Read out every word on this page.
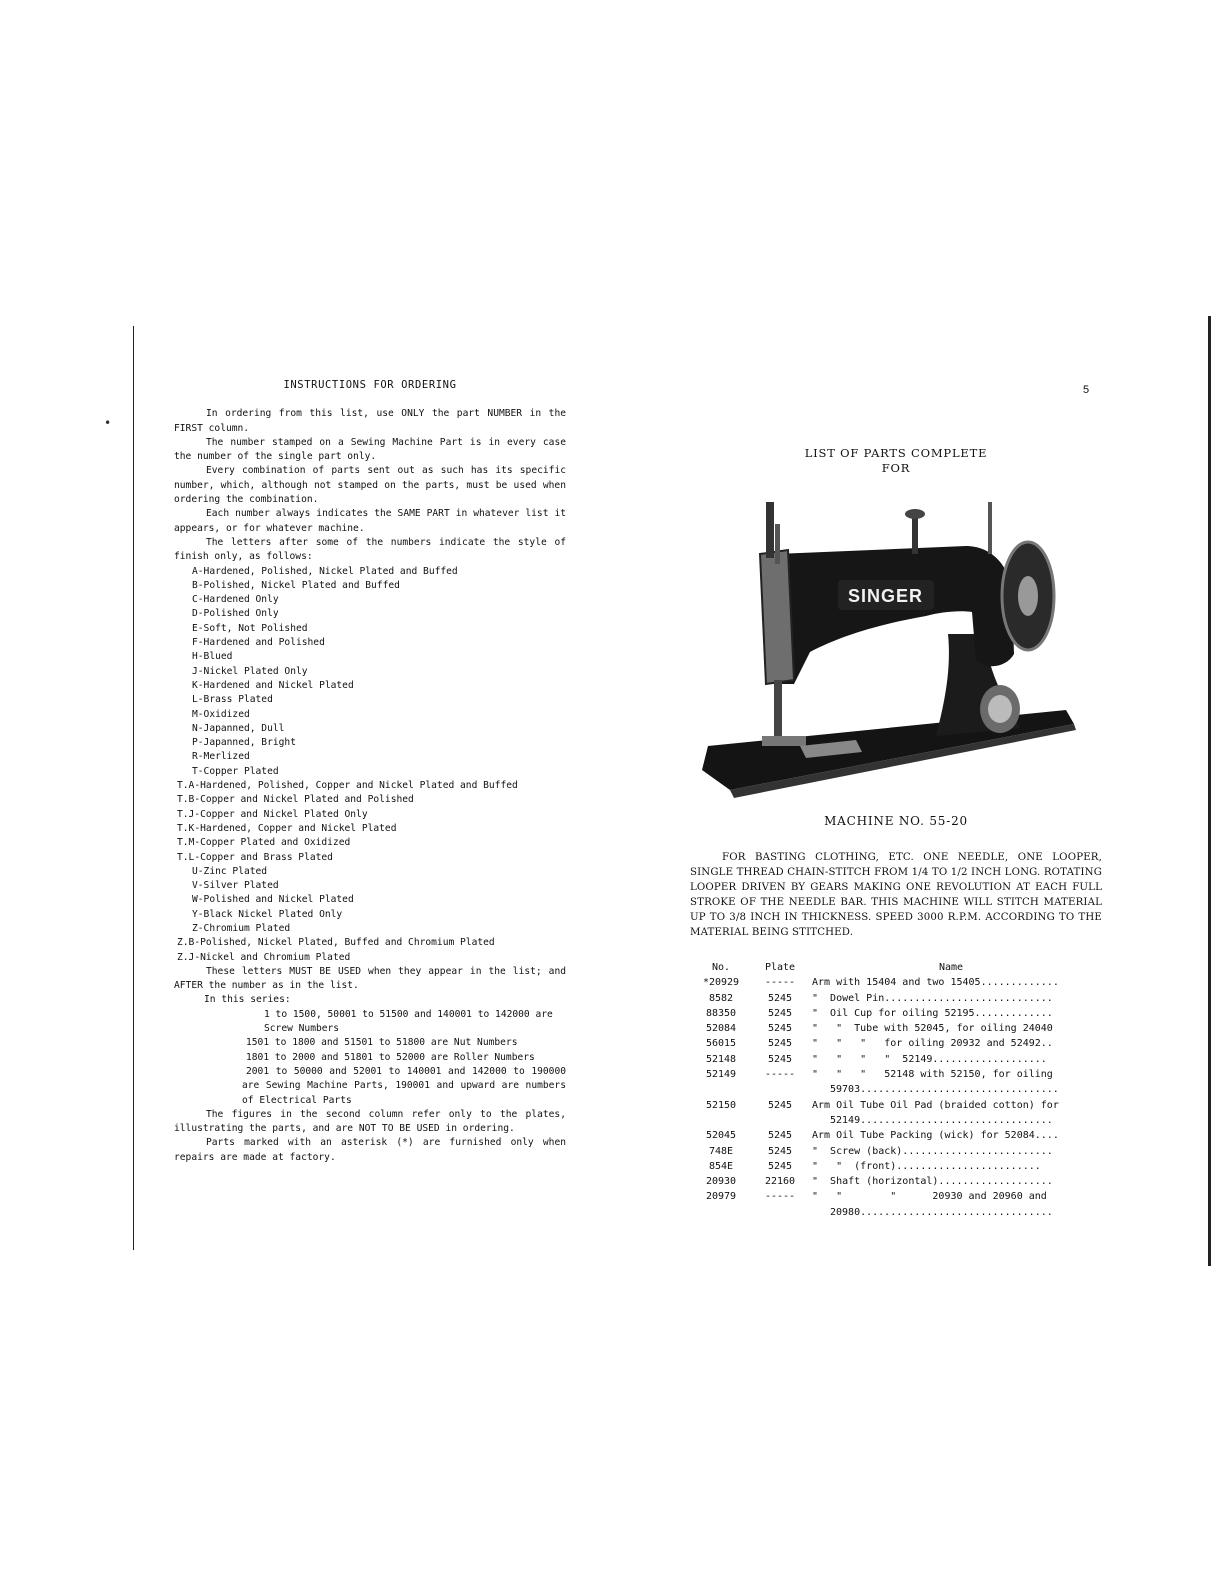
•
INSTRUCTIONS FOR ORDERING

In ordering from this list, use ONLY the part NUMBER in the FIRST column.

The number stamped on a Sewing Machine Part is in every case the number of the single part only.

Every combination of parts sent out as such has its specific number, which, although not stamped on the parts, must be used when ordering the combination.

Each number always indicates the SAME PART in whatever list it appears, or for whatever machine.

The letters after some of the numbers indicate the style of finish only, as follows:

A-Hardened, Polished, Nickel Plated and Buffed
B-Polished, Nickel Plated and Buffed
C-Hardened Only
D-Polished Only
E-Soft, Not Polished
F-Hardened and Polished
H-Blued
J-Nickel Plated Only
K-Hardened and Nickel Plated
L-Brass Plated
M-Oxidized
N-Japanned, Dull
P-Japanned, Bright
R-Merlized
T-Copper Plated
T.A-Hardened, Polished, Copper and Nickel Plated and Buffed
T.B-Copper and Nickel Plated and Polished
T.J-Copper and Nickel Plated Only
T.K-Hardened, Copper and Nickel Plated
T.M-Copper Plated and Oxidized
T.L-Copper and Brass Plated
U-Zinc Plated
V-Silver Plated
W-Polished and Nickel Plated
Y-Black Nickel Plated Only
Z-Chromium Plated
Z.B-Polished, Nickel Plated, Buffed and Chromium Plated
Z.J-Nickel and Chromium Plated

These letters MUST BE USED when they appear in the list; and AFTER the number as in the list.

In this series:
1 to 1500, 50001 to 51500 and 140001 to 142000 are Screw Numbers
1501 to 1800 and 51501 to 51800 are Nut Numbers
1801 to 2000 and 51801 to 52000 are Roller Numbers
2001 to 50000 and 52001 to 140001 and 142000 to 190000 are Sewing Machine Parts, 190001 and upward are numbers of Electrical Parts

The figures in the second column refer only to the plates, illustrating the parts, and are NOT TO BE USED in ordering.

Parts marked with an asterisk (*) are furnished only when repairs are made at factory.

5
LIST OF PARTS COMPLETE
FOR
SINGER
MACHINE NO. 55-20

FOR BASTING CLOTHING, ETC. ONE NEEDLE, ONE LOOPER, SINGLE THREAD CHAIN-STITCH FROM 1/4 TO 1/2 INCH LONG. ROTATING LOOPER DRIVEN BY GEARS MAKING ONE REVOLUTION AT EACH FULL STROKE OF THE NEEDLE BAR. THIS MACHINE WILL STITCH MATERIAL UP TO 3/8 INCH IN THICKNESS. SPEED 3000 R.P.M. ACCORDING TO THE MATERIAL BEING STITCHED.

No.	Plate	Name
*20929	-----	Arm with 15404 and two 15405.............
8582	5245	"  Dowel Pin............................
88350	5245	"  Oil Cup for oiling 52195.............
52084	5245	"   "  Tube with 52045, for oiling 24040
56015	5245	"   "   "   for oiling 20932 and 52492..
52148	5245	"   "   "   "  52149...................
52149	-----	"   "   "   52148 with 52150, for oiling
		59703.................................
52150	5245	Arm Oil Tube Oil Pad (braided cotton) for
		52149................................
52045	5245	Arm Oil Tube Packing (wick) for 52084....
748E	5245	"  Screw (back).........................
854E	5245	"   "  (front)........................
20930	22160	"  Shaft (horizontal)...................
20979	-----	"   "        "      20930 and 20960 and
		20980................................
